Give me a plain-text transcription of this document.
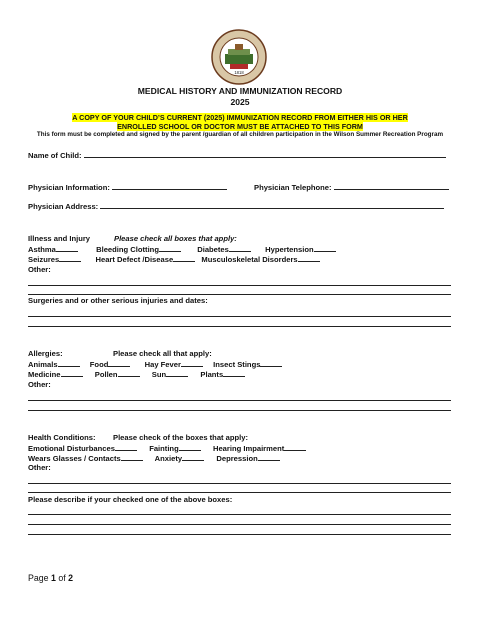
1818
MEDICAL HISTORY AND IMMUNIZATION RECORD
2025
A COPY OF YOUR CHILD’S CURRENT (2025) IMMUNIZATION RECORD FROM EITHER HIS OR HER
ENROLLED SCHOOL OR DOCTOR MUST BE ATTACHED TO THIS FORM
This form must be completed and signed by the parent /guardian of all children participation in the Wilson Summer Recreation Program
Name of Child:
Physician Information:	Physician Telephone:
Physician Address:
Illness and Injury	Please check all boxes that apply:
Asthma	Bleeding Clotting	Diabetes	Hypertension
Seizures	Heart Defect /Disease	Musculoskeletal Disorders
Other:
Surgeries and or other serious injuries and dates:
Allergies:	Please check all that apply:
Animals	Food	Hay Fever	Insect Stings
Medicine	Pollen	Sun	Plants
Other:
Health Conditions: Please check of the boxes that apply:
Emotional Disturbances	Fainting	Hearing Impairment
Wears Glasses / Contacts	Anxiety	Depression
Other:
Please describe if your checked one of the above boxes:
Page 1 of 2
